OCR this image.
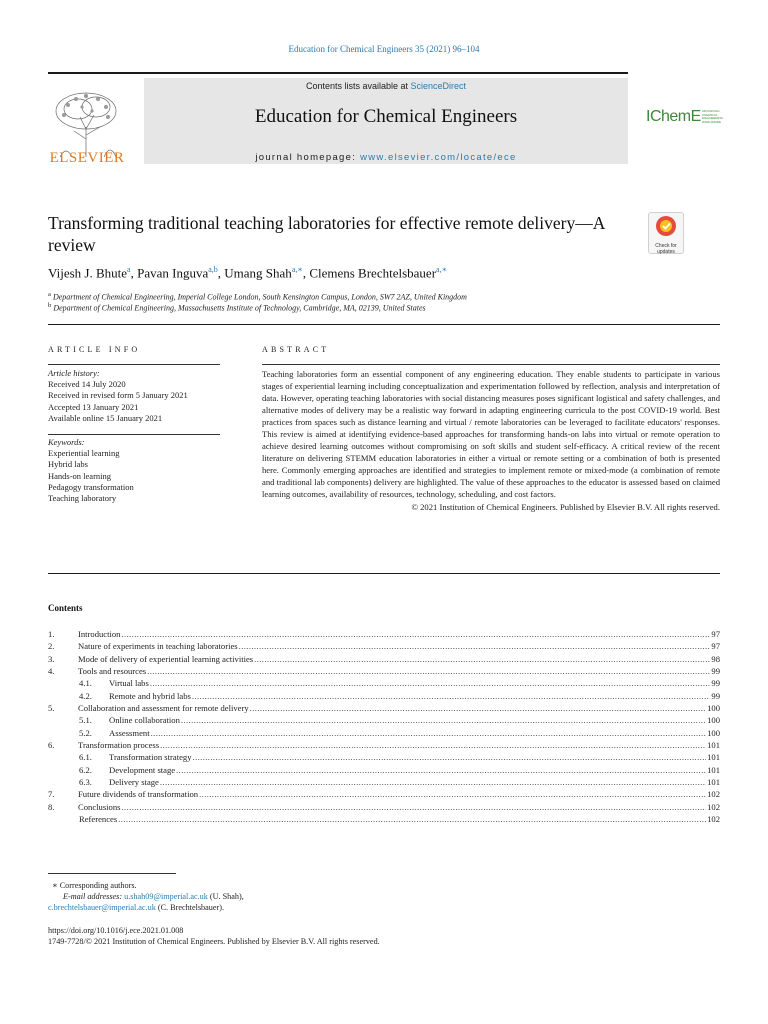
Education for Chemical Engineers 35 (2021) 96–104
ELSEVIER
Contents lists available at ScienceDirect
Education for Chemical Engineers
journal homepage: www.elsevier.com/locate/ece
IChemE ADVANCING CHEMICAL ENGINEERING WORLDWIDE
Transforming traditional teaching laboratories for effective remote delivery—A review	Check for updates
Vijesh J. Bhute$^a$, Pavan Inguva$^{a,b}$, Umang Shah$^{a,∗}$, Clemens Brechtelsbauer$^{a,∗}$
$^a$ Department of Chemical Engineering, Imperial College London, South Kensington Campus, London, SW7 2AZ, United Kingdom
$^b$ Department of Chemical Engineering, Massachusetts Institute of Technology, Cambridge, MA, 02139, United States
ARTICLE INFO	ABSTRACT
Article history:
Received 14 July 2020
Received in revised form 5 January 2021
Accepted 13 January 2021
Available online 15 January 2021
Keywords:
Experiential learning
Hybrid labs
Hands-on learning
Pedagogy transformation
Teaching laboratory
Teaching laboratories form an essential component of any engineering education. They enable students to participate in various stages of experiential learning including conceptualization and experimentation followed by reflection, analysis and interpretation of data. However, operating teaching laboratories with social distancing measures poses significant logistical and safety challenges, and alternative modes of delivery may be a realistic way forward in adapting engineering curricula to the post COVID-19 world. Best practices from spaces such as distance learning and virtual / remote laboratories can be leveraged to facilitate educators' responses. This review is aimed at identifying evidence-based approaches for transforming hands-on labs into virtual or remote operation to achieve desired learning outcomes without compromising on soft skills and student self-efficacy. A critical review of the recent literature on delivering STEMM education laboratories in either a virtual or remote setting or a combination of both is presented here. Commonly emerging approaches are identified and strategies to implement remote or mixed-mode (a combination of remote and traditional lab components) delivery are highlighted. The value of these approaches to the educator is assessed based on claimed learning outcomes, availability of resources, technology, scheduling, and cost factors.
© 2021 Institution of Chemical Engineers. Published by Elsevier B.V. All rights reserved.
Contents
1.	Introduction .....	97
2.	Nature of experiments in teaching laboratories .....	97
3.	Mode of delivery of experiential learning activities .....	98
4.	Tools and resources .....	99
4.1.	Virtual labs .....	99
4.2.	Remote and hybrid labs .....	99
5.	Collaboration and assessment for remote delivery .....	100
5.1.	Online collaboration .....	100
5.2.	Assessment .....	100
6.	Transformation process .....	101
6.1.	Transformation strategy .....	101
6.2.	Development stage .....	101
6.3.	Delivery stage .....	101
7.	Future dividends of transformation .....	102
8.	Conclusions .....	102
References .....	102
∗ Corresponding authors.
E-mail addresses: u.shah09@imperial.ac.uk (U. Shah),
c.brechtelsbauer@imperial.ac.uk (C. Brechtelsbauer).
https://doi.org/10.1016/j.ece.2021.01.008
1749-7728/© 2021 Institution of Chemical Engineers. Published by Elsevier B.V. All rights reserved.
